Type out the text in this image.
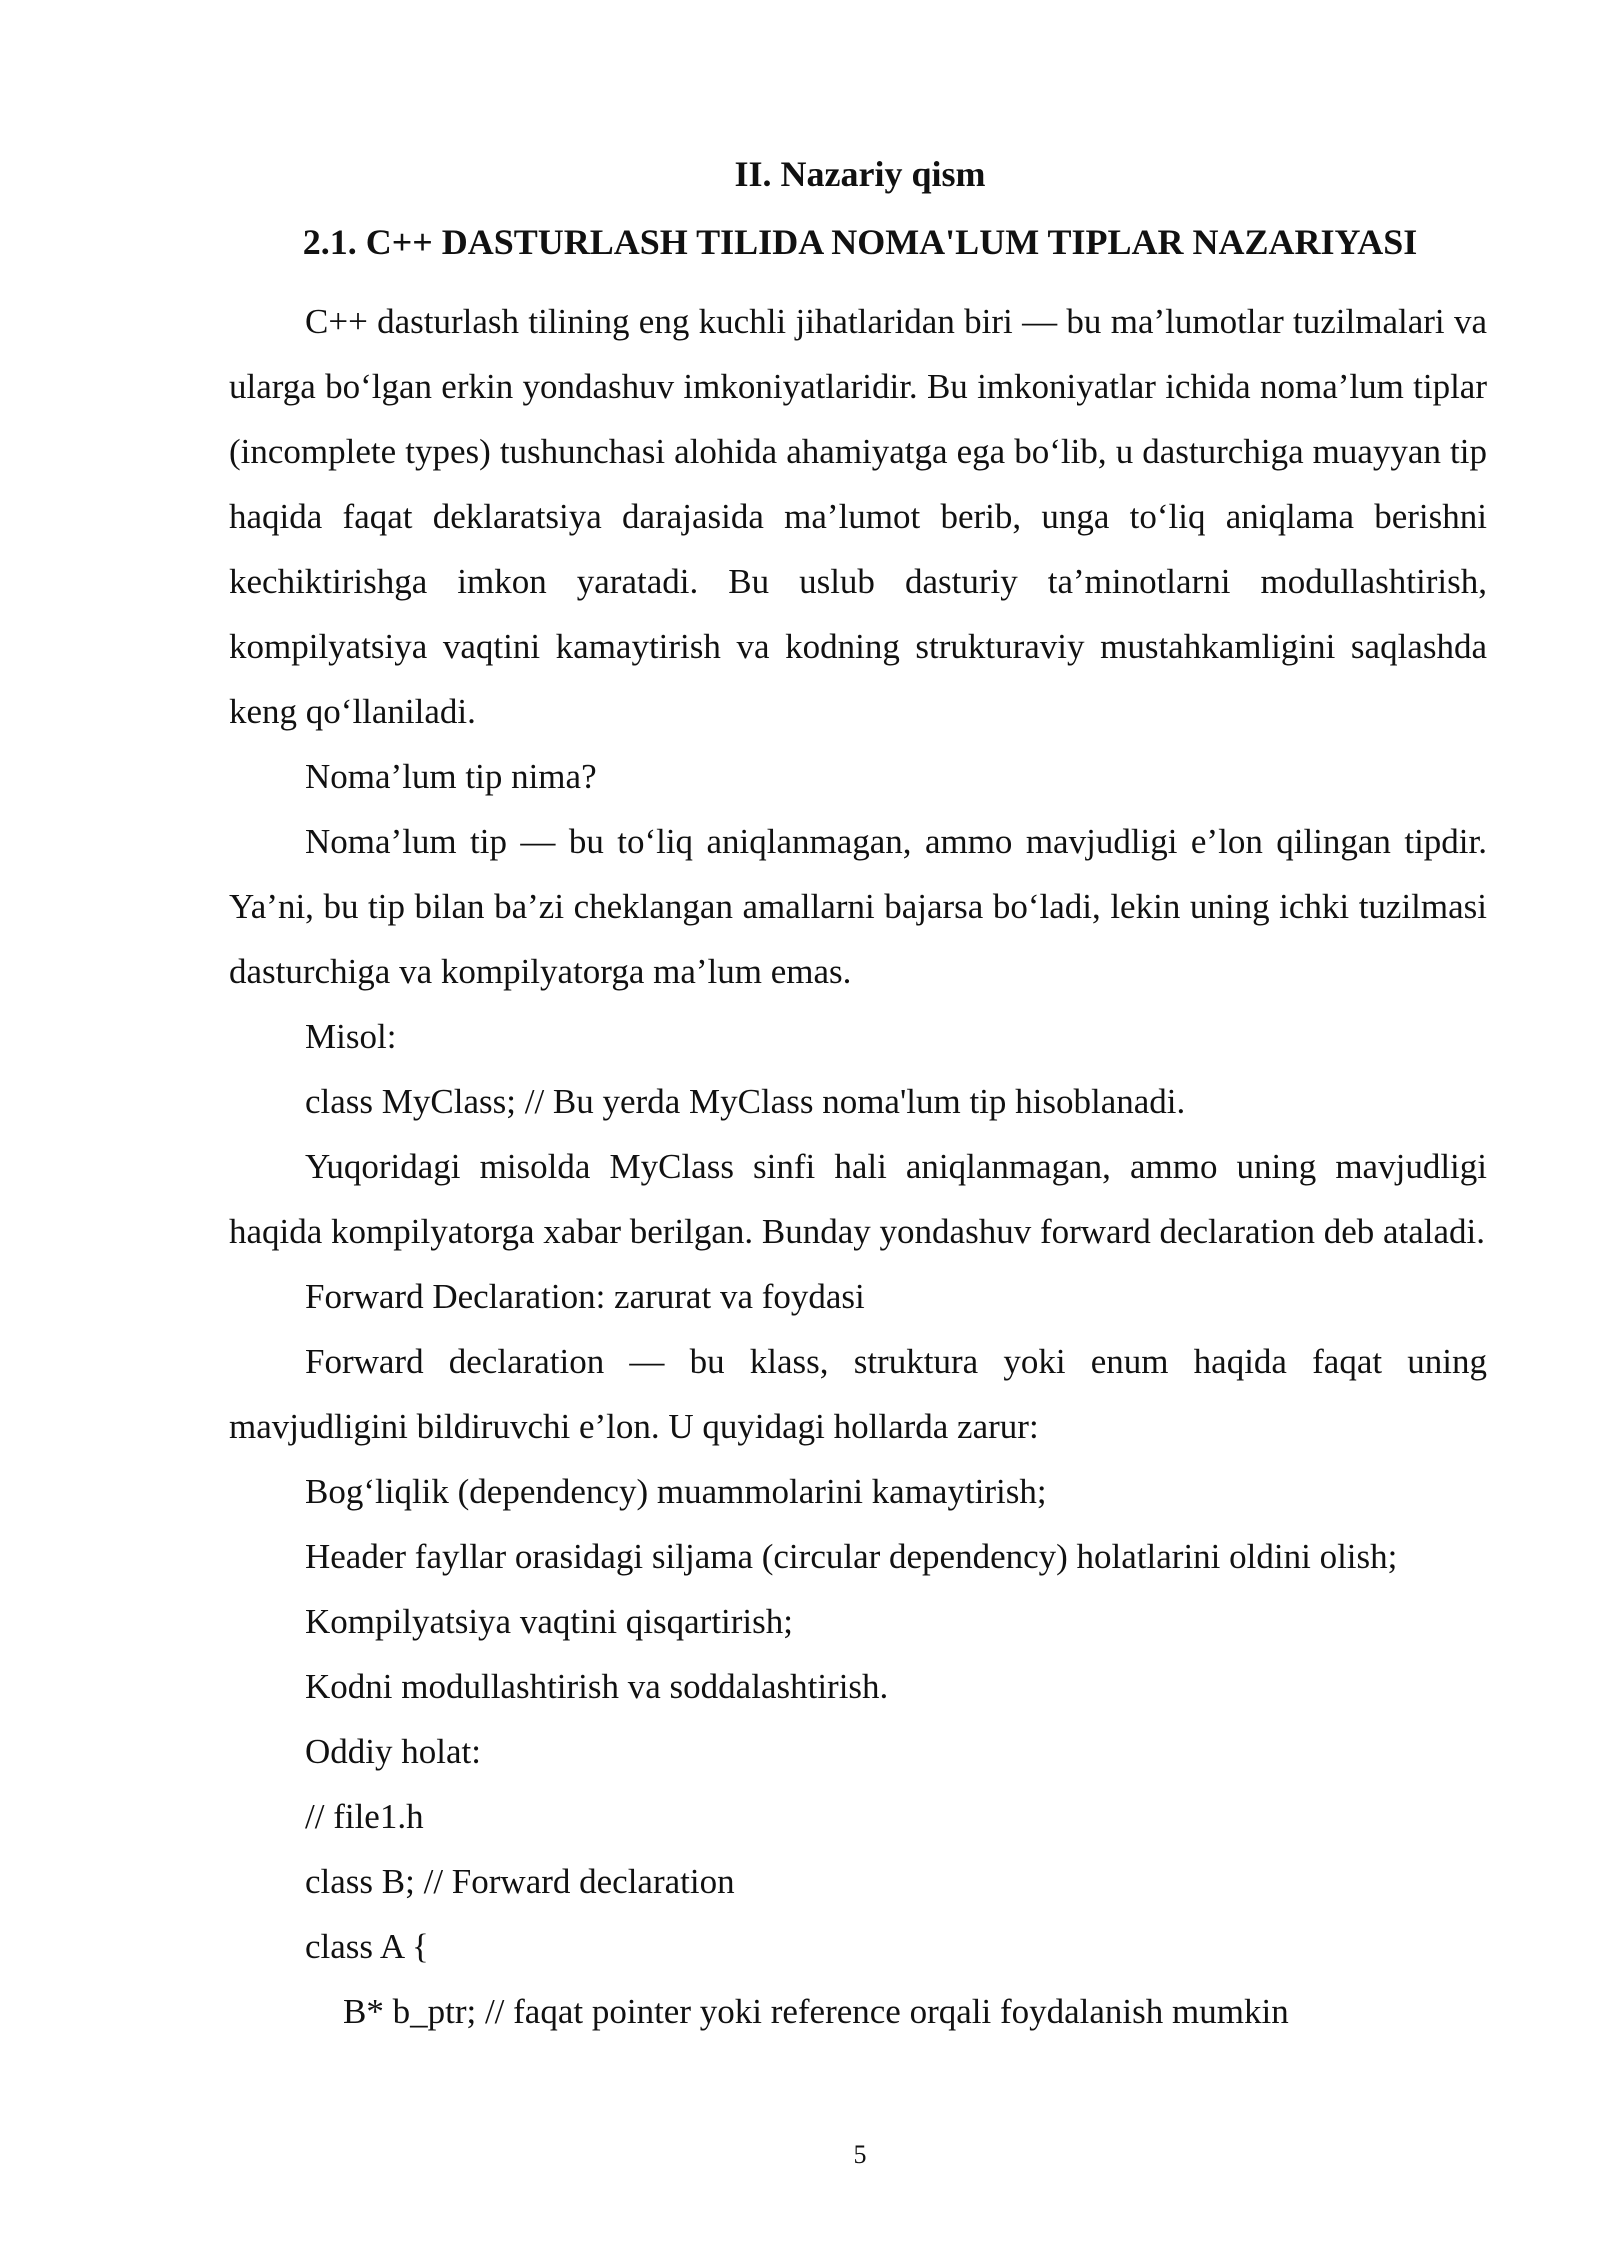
II. Nazariy qism
2.1. C++ DASTURLASH TILIDA NOMA'LUM TIPLAR NAZARIYASI

C++ dasturlash tilining eng kuchli jihatlaridan biri — bu ma’lumotlar tuzilmalari va ularga bo‘lgan erkin yondashuv imkoniyatlaridir. Bu imkoniyatlar ichida noma’lum tiplar (incomplete types) tushunchasi alohida ahamiyatga ega bo‘lib, u dasturchiga muayyan tip haqida faqat deklaratsiya darajasida ma’lumot berib, unga to‘liq aniqlama berishni kechiktirishga imkon yaratadi. Bu uslub dasturiy ta’minotlarni modullashtirish, kompilyatsiya vaqtini kamaytirish va kodning strukturaviy mustahkamligini saqlashda keng qo‘llaniladi.

Noma’lum tip nima?

Noma’lum tip — bu to‘liq aniqlanmagan, ammo mavjudligi e’lon qilingan tipdir. Ya’ni, bu tip bilan ba’zi cheklangan amallarni bajarsa bo‘ladi, lekin uning ichki tuzilmasi dasturchiga va kompilyatorga ma’lum emas.

Misol:

class MyClass; // Bu yerda MyClass noma'lum tip hisoblanadi.

Yuqoridagi misolda MyClass sinfi hali aniqlanmagan, ammo uning mavjudligi haqida kompilyatorga xabar berilgan. Bunday yondashuv forward declaration deb ataladi.

Forward Declaration: zarurat va foydasi

Forward declaration — bu klass, struktura yoki enum haqida faqat uning mavjudligini bildiruvchi e’lon. U quyidagi hollarda zarur:

Bog‘liqlik (dependency) muammolarini kamaytirish;

Header fayllar orasidagi siljama (circular dependency) holatlarini oldini olish;

Kompilyatsiya vaqtini qisqartirish;

Kodni modullashtirish va soddalashtirish.

Oddiy holat:

// file1.h

class B; // Forward declaration

class A {

B* b_ptr; // faqat pointer yoki reference orqali foydalanish mumkin

5
